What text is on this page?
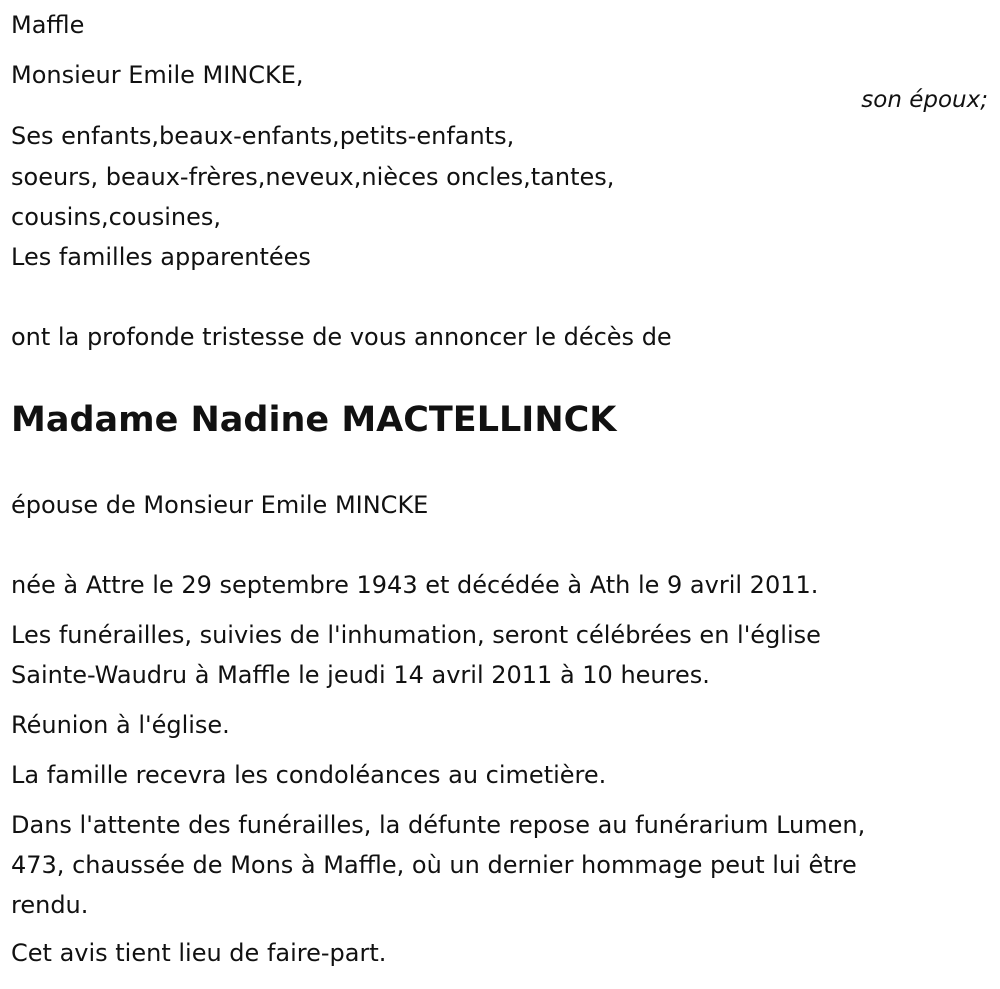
Maffle
Monsieur Emile MINCKE,
son époux;
Ses enfants,beaux-enfants,petits-enfants,
soeurs, beaux-frères,neveux,nièces oncles,tantes,
cousins,cousines,
Les familles apparentées
ont la profonde tristesse de vous annoncer le décès de
Madame Nadine MACTELLINCK
épouse de Monsieur Emile MINCKE
née à Attre le 29 septembre 1943 et décédée à Ath le 9 avril 2011.
Les funérailles, suivies de l'inhumation, seront célébrées en l'église
Sainte-Waudru à Maffle le jeudi 14 avril 2011 à 10 heures.
Réunion à l'église.
La famille recevra les condoléances au cimetière.
Dans l'attente des funérailles, la défunte repose au funérarium Lumen,
473, chaussée de Mons à Maffle, où un dernier hommage peut lui être
rendu.
Cet avis tient lieu de faire-part.
